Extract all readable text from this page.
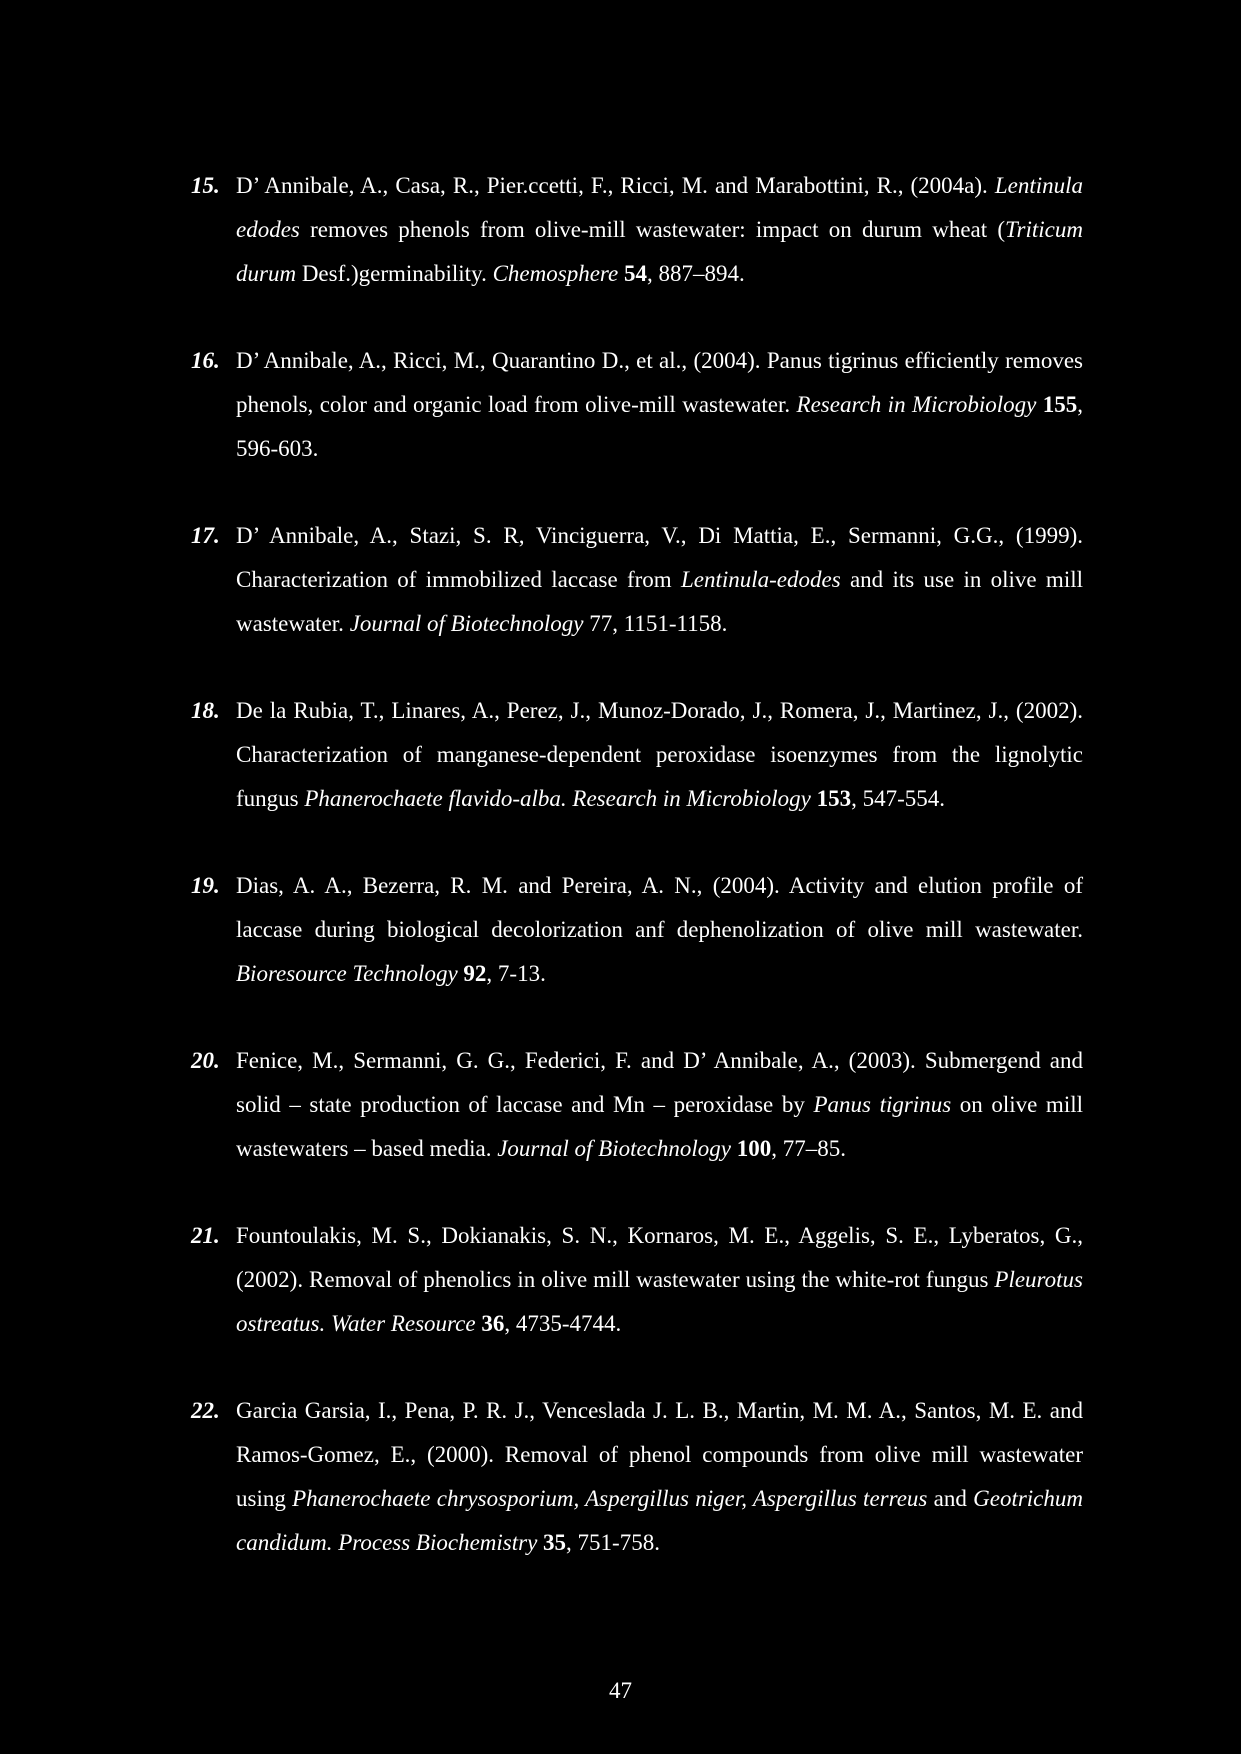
15. D’ Annibale, A., Casa, R., Pier.ccetti, F., Ricci, M. and Marabottini, R., (2004a). Lentinula edodes removes phenols from olive-mill wastewater: impact on durum wheat (Triticum durum Desf.)germinability. Chemosphere 54, 887–894.
16. D’ Annibale, A., Ricci, M., Quarantino D., et al., (2004). Panus tigrinus efficiently removes phenols, color and organic load from olive-mill wastewater. Research in Microbiology 155, 596-603.
17. D’ Annibale, A., Stazi, S. R, Vinciguerra, V., Di Mattia, E., Sermanni, G.G., (1999). Characterization of immobilized laccase from Lentinula-edodes and its use in olive mill wastewater. Journal of Biotechnology 77, 1151-1158.
18. De la Rubia, T., Linares, A., Perez, J., Munoz-Dorado, J., Romera, J., Martinez, J., (2002). Characterization of manganese-dependent peroxidase isoenzymes from the lignolytic fungus Phanerochaete flavido-alba. Research in Microbiology 153, 547-554.
19. Dias, A. A., Bezerra, R. M. and Pereira, A. N., (2004). Activity and elution profile of laccase during biological decolorization anf dephenolization of olive mill wastewater. Bioresource Technology 92, 7-13.
20. Fenice, M., Sermanni, G. G., Federici, F. and D’ Annibale, A., (2003). Submergend and solid – state production of laccase and Mn – peroxidase by Panus tigrinus on olive mill wastewaters – based media. Journal of Biotechnology 100, 77–85.
21. Fountoulakis, M. S., Dokianakis, S. N., Kornaros, M. E., Aggelis, S. E., Lyberatos, G., (2002). Removal of phenolics in olive mill wastewater using the white-rot fungus Pleurotus ostreatus. Water Resource 36, 4735-4744.
22. Garcia Garsia, I., Pena, P. R. J., Venceslada J. L. B., Martin, M. M. A., Santos, M. E. and Ramos-Gomez, E., (2000). Removal of phenol compounds from olive mill wastewater using Phanerochaete chrysosporium, Aspergillus niger, Aspergillus terreus and Geotrichum candidum. Process Biochemistry 35, 751-758.
47
